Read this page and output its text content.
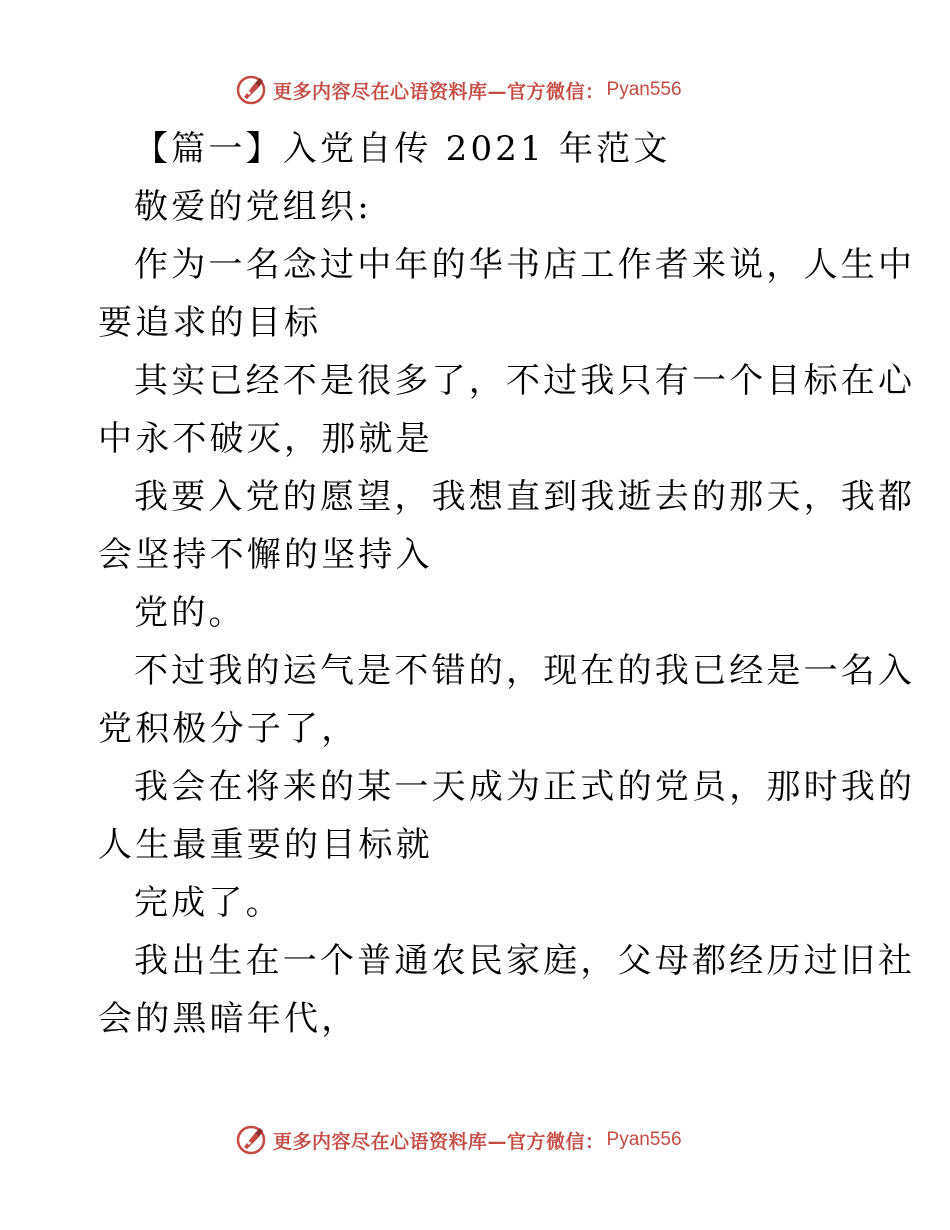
更多内容尽在心语资料库—官方微信： Pyan556
【篇一】入党自传 2021 年范文
敬爱的党组织:
作为一名念过中年的华书店工作者来说，人生中
要追求的目标
其实已经不是很多了，不过我只有一个目标在心
中永不破灭，那就是
我要入党的愿望，我想直到我逝去的那天，我都
会坚持不懈的坚持入
党的。
不过我的运气是不错的，现在的我已经是一名入
党积极分子了，
我会在将来的某一天成为正式的党员，那时我的
人生最重要的目标就
完成了。
我出生在一个普通农民家庭，父母都经历过旧社
会的黑暗年代，
更多内容尽在心语资料库—官方微信： Pyan556
